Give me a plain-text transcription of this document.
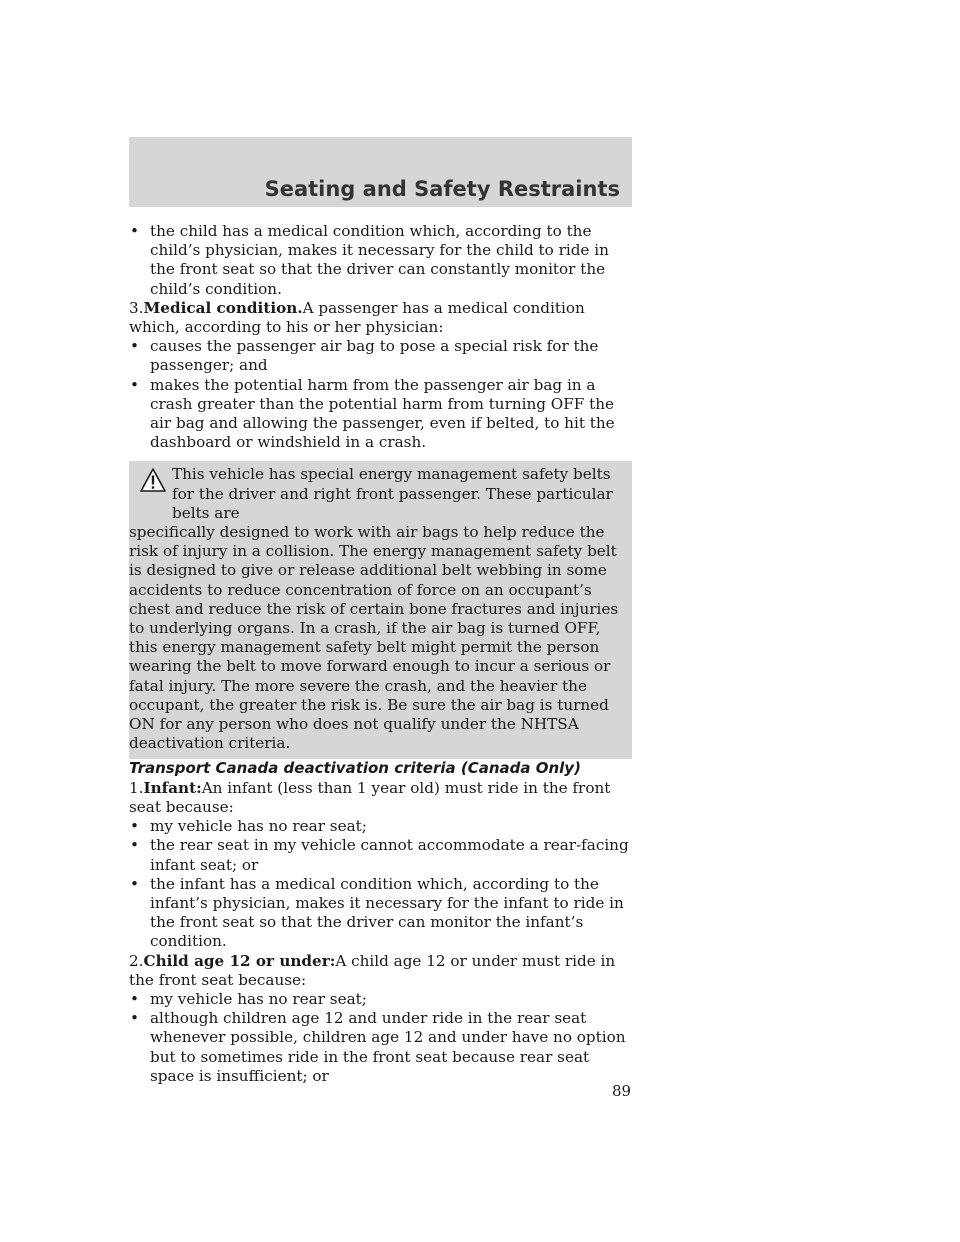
Seating and Safety Restraints

• the child has a medical condition which, according to the child’s physician, makes it necessary for the child to ride in the front seat so that the driver can constantly monitor the child’s condition.

3.Medical condition.A passenger has a medical condition which, according to his or her physician:

• causes the passenger air bag to pose a special risk for the passenger; and

• makes the potential harm from the passenger air bag in a crash greater than the potential harm from turning OFF the air bag and allowing the passenger, even if belted, to hit the dashboard or windshield in a crash.

This vehicle has special energy management safety belts for the driver and right front passenger. These particular belts are

specifically designed to work with air bags to help reduce the risk of injury in a collision. The energy management safety belt is designed to give or release additional belt webbing in some accidents to reduce concentration of force on an occupant’s chest and reduce the risk of certain bone fractures and injuries to underlying organs. In a crash, if the air bag is turned OFF, this energy management safety belt might permit the person wearing the belt to move forward enough to incur a serious or fatal injury. The more severe the crash, and the heavier the occupant, the greater the risk is. Be sure the air bag is turned ON for any person who does not qualify under the NHTSA deactivation criteria.

Transport Canada deactivation criteria (Canada Only)

1.Infant:An infant (less than 1 year old) must ride in the front seat because:

• my vehicle has no rear seat;

• the rear seat in my vehicle cannot accommodate a rear-facing infant seat; or

• the infant has a medical condition which, according to the infant’s physician, makes it necessary for the infant to ride in the front seat so that the driver can monitor the infant’s condition.

2.Child age 12 or under:A child age 12 or under must ride in the front seat because:

• my vehicle has no rear seat;

• although children age 12 and under ride in the rear seat whenever possible, children age 12 and under have no option but to sometimes ride in the front seat because rear seat space is insufficient; or

89
